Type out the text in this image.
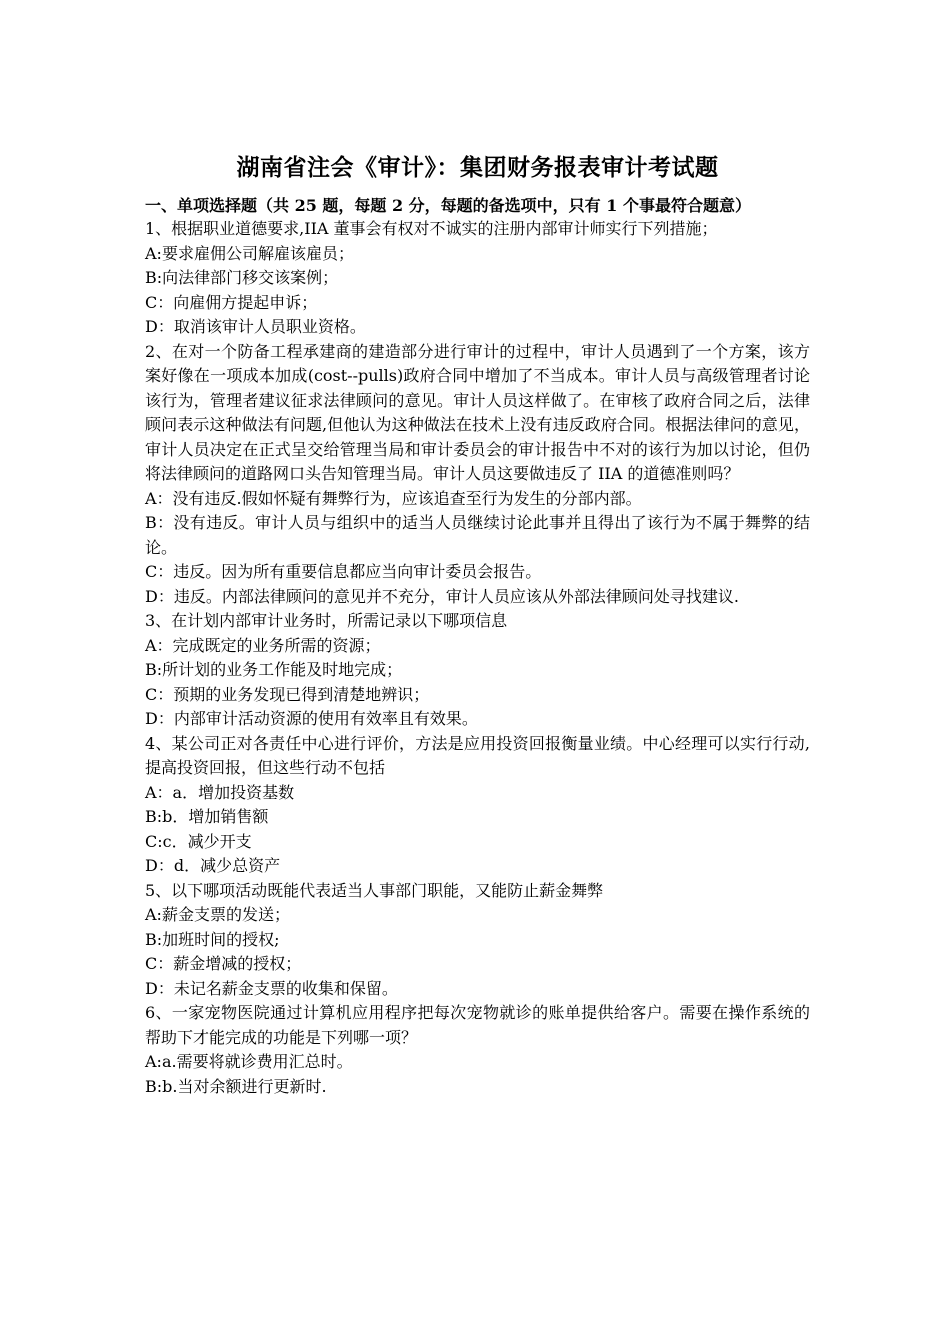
湖南省注会《审计》：集团财务报表审计考试题

一、单项选择题（共 25 题，每题 2 分，每题的备选项中，只有 1 个事最符合题意）

1、根据职业道德要求,IIA 董事会有权对不诚实的注册内部审计师实行下列措施；

A:要求雇佣公司解雇该雇员；

B:向法律部门移交该案例；

C：向雇佣方提起申诉；

D：取消该审计人员职业资格。

2、在对一个防备工程承建商的建造部分进行审计的过程中，审计人员遇到了一个方案，该方案好像在一项成本加成(cost--pulls)政府合同中增加了不当成本。审计人员与高级管理者讨论该行为，管理者建议征求法律顾问的意见。审计人员这样做了。在审核了政府合同之后，法律顾问表示这种做法有问题,但他认为这种做法在技术上没有违反政府合同。根据法律问的意见，审计人员决定在正式呈交给管理当局和审计委员会的审计报告中不对的该行为加以讨论，但仍将法律顾问的道路网口头告知管理当局。审计人员这要做违反了 IIA 的道德准则吗？

A：没有违反.假如怀疑有舞弊行为，应该追查至行为发生的分部内部。

B：没有违反。审计人员与组织中的适当人员继续讨论此事并且得出了该行为不属于舞弊的结论。

C：违反。因为所有重要信息都应当向审计委员会报告。

D：违反。内部法律顾问的意见并不充分，审计人员应该从外部法律顾问处寻找建议.

3、在计划内部审计业务时，所需记录以下哪项信息

A：完成既定的业务所需的资源；

B:所计划的业务工作能及时地完成；

C：预期的业务发现已得到清楚地辨识；

D：内部审计活动资源的使用有效率且有效果。

4、某公司正对各责任中心进行评价，方法是应用投资回报衡量业绩。中心经理可以实行行动,提高投资回报，但这些行动不包括

A：a．增加投资基数

B:b．增加销售额

C:c．减少开支

D：d．减少总资产

5、以下哪项活动既能代表适当人事部门职能，又能防止薪金舞弊

A:薪金支票的发送；

B:加班时间的授权;

C：薪金增减的授权；

D：未记名薪金支票的收集和保留。

6、一家宠物医院通过计算机应用程序把每次宠物就诊的账单提供给客户。需要在操作系统的帮助下才能完成的功能是下列哪一项？

A:a.需要将就诊费用汇总时。

B:b.当对余额进行更新时.
